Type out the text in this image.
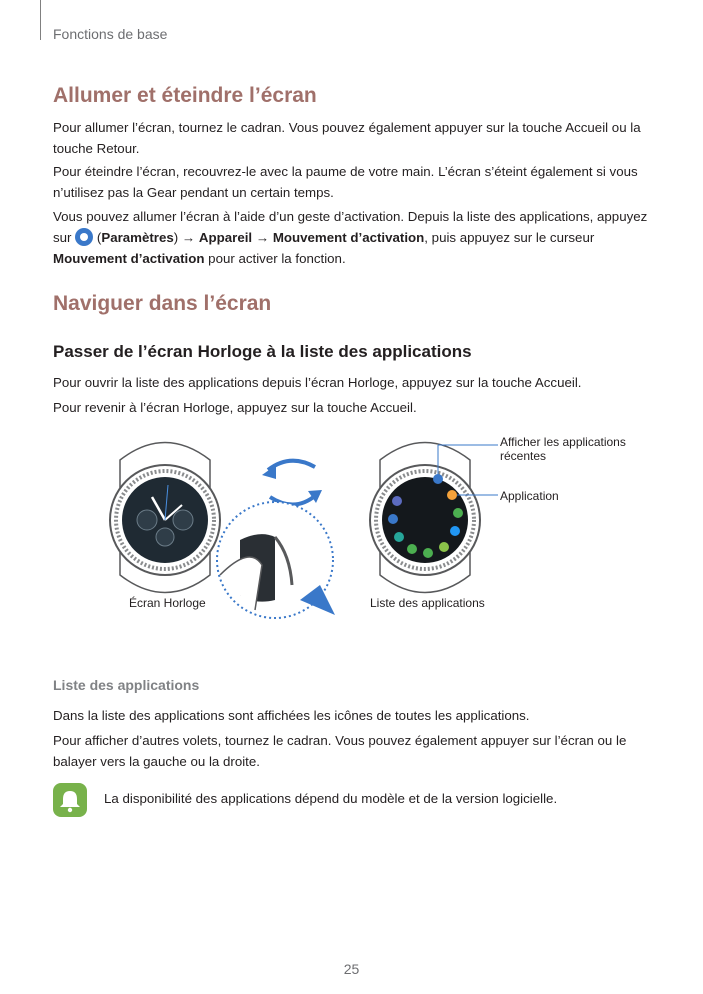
Fonctions de base
Allumer et éteindre l’écran
Pour allumer l’écran, tournez le cadran. Vous pouvez également appuyer sur la touche Accueil ou la touche Retour.
Pour éteindre l’écran, recouvrez-le avec la paume de votre main. L’écran s’éteint également si vous n’utilisez pas la Gear pendant un certain temps.
Vous pouvez allumer l’écran à l’aide d’un geste d’activation. Depuis la liste des applications, appuyez sur (Paramètres) → Appareil → Mouvement d’activation, puis appuyez sur le curseur Mouvement d’activation pour activer la fonction.
Naviguer dans l’écran
Passer de l’écran Horloge à la liste des applications
Pour ouvrir la liste des applications depuis l’écran Horloge, appuyez sur la touche Accueil.
Pour revenir à l’écran Horloge, appuyez sur la touche Accueil.
Écran Horloge	Liste des applications
Afficher les applications
récentes
Application
Liste des applications
Dans la liste des applications sont affichées les icônes de toutes les applications.
Pour afficher d’autres volets, tournez le cadran. Vous pouvez également appuyer sur l’écran ou le balayer vers la gauche ou la droite.
La disponibilité des applications dépend du modèle et de la version logicielle.
25
